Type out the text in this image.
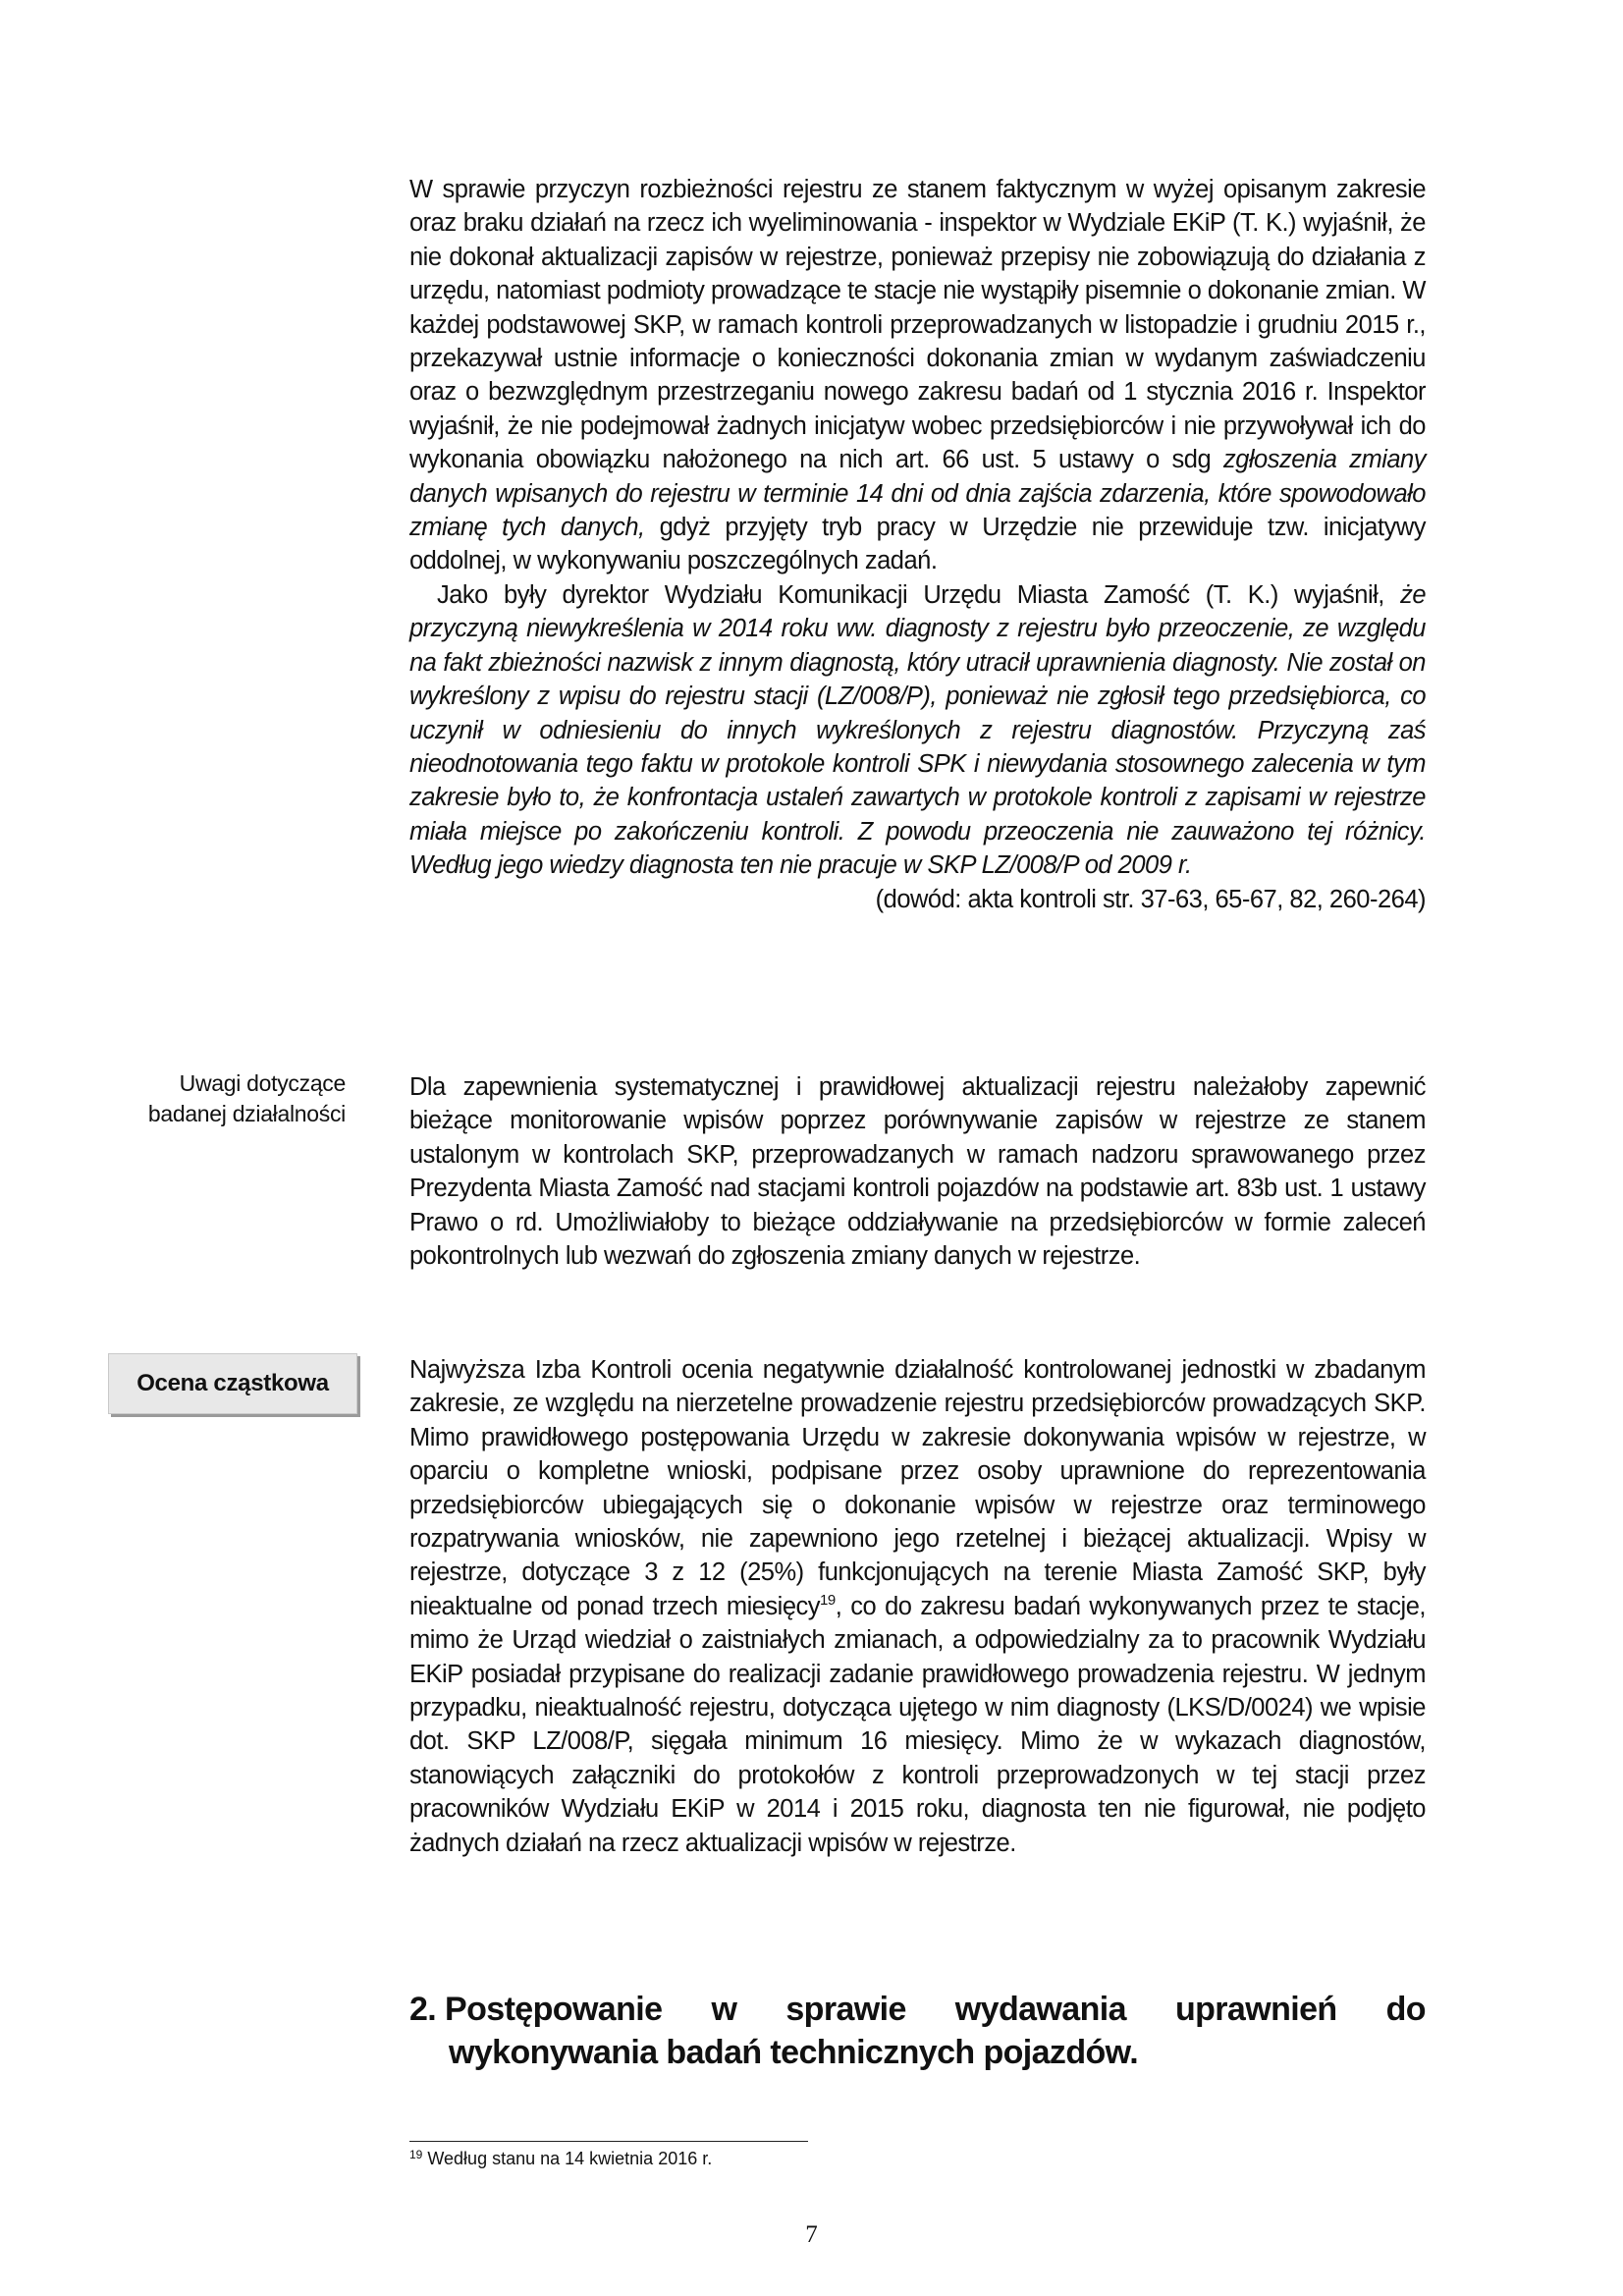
W sprawie przyczyn rozbieżności rejestru ze stanem faktycznym w wyżej opisanym zakresie oraz braku działań na rzecz ich wyeliminowania - inspektor w Wydziale EKiP (T. K.) wyjaśnił, że nie dokonał aktualizacji zapisów w rejestrze, ponieważ przepisy nie zobowiązują do działania z urzędu, natomiast podmioty prowadzące te stacje nie wystąpiły pisemnie o dokonanie zmian. W każdej podstawowej SKP, w ramach kontroli przeprowadzanych w listopadzie i grudniu 2015 r., przekazywał ustnie informacje o konieczności dokonania zmian w wydanym zaświadczeniu oraz o bezwzględnym przestrzeganiu nowego zakresu badań od 1 stycznia 2016 r. Inspektor wyjaśnił, że nie podejmował żadnych inicjatyw wobec przedsiębiorców i nie przywoływał ich do wykonania obowiązku nałożonego na nich art. 66 ust. 5 ustawy o sdg zgłoszenia zmiany danych wpisanych do rejestru w terminie 14 dni od dnia zajścia zdarzenia, które spowodowało zmianę tych danych, gdyż przyjęty tryb pracy w Urzędzie nie przewiduje tzw. inicjatywy oddolnej, w wykonywaniu poszczególnych zadań.

Jako były dyrektor Wydziału Komunikacji Urzędu Miasta Zamość (T. K.) wyjaśnił, że przyczyną niewykreślenia w 2014 roku ww. diagnosty z rejestru było przeoczenie, ze względu na fakt zbieżności nazwisk z innym diagnostą, który utracił uprawnienia diagnosty. Nie został on wykreślony z wpisu do rejestru stacji (LZ/008/P), ponieważ nie zgłosił tego przedsiębiorca, co uczynił w odniesieniu do innych wykreślonych z rejestru diagnostów. Przyczyną zaś nieodnotowania tego faktu w protokole kontroli SPK i niewydania stosownego zalecenia w tym zakresie było to, że konfrontacja ustaleń zawartych w protokole kontroli z zapisami w rejestrze miała miejsce po zakończeniu kontroli. Z powodu przeoczenia nie zauważono tej różnicy. Według jego wiedzy diagnosta ten nie pracuje w SKP LZ/008/P od 2009 r.

(dowód: akta kontroli str. 37-63, 65-67, 82, 260-264)

Uwagi dotyczące badanej działalności

Dla zapewnienia systematycznej i prawidłowej aktualizacji rejestru należałoby zapewnić bieżące monitorowanie wpisów poprzez porównywanie zapisów w rejestrze ze stanem ustalonym w kontrolach SKP, przeprowadzanych w ramach nadzoru sprawowanego przez Prezydenta Miasta Zamość nad stacjami kontroli pojazdów na podstawie art. 83b ust. 1 ustawy Prawo o rd. Umożliwiałoby to bieżące oddziaływanie na przedsiębiorców w formie zaleceń pokontrolnych lub wezwań do zgłoszenia zmiany danych w rejestrze.

Ocena cząstkowa	Najwyższa Izba Kontroli ocenia negatywnie działalność kontrolowanej jednostki w zbadanym zakresie, ze względu na nierzetelne prowadzenie rejestru przedsiębiorców prowadzących SKP. Mimo prawidłowego postępowania Urzędu w zakresie dokonywania wpisów w rejestrze, w oparciu o kompletne wnioski, podpisane przez osoby uprawnione do reprezentowania przedsiębiorców ubiegających się o dokonanie wpisów w rejestrze oraz terminowego rozpatrywania wniosków, nie zapewniono jego rzetelnej i bieżącej aktualizacji. Wpisy w rejestrze, dotyczące 3 z 12 (25%) funkcjonujących na terenie Miasta Zamość SKP, były nieaktualne od ponad trzech miesięcy$^{19}$, co do zakresu badań wykonywanych przez te stacje, mimo że Urząd wiedział o zaistniałych zmianach, a odpowiedzialny za to pracownik Wydziału EKiP posiadał przypisane do realizacji zadanie prawidłowego prowadzenia rejestru. W jednym przypadku, nieaktualność rejestru, dotycząca ujętego w nim diagnosty (LKS/D/0024) we wpisie dot. SKP LZ/008/P, sięgała minimum 16 miesięcy. Mimo że w wykazach diagnostów, stanowiących załączniki do protokołów z kontroli przeprowadzonych w tej stacji przez pracowników Wydziału EKiP w 2014 i 2015 roku, diagnosta ten nie figurował, nie podjęto żadnych działań na rzecz aktualizacji wpisów w rejestrze.

2. Postępowanie w sprawie wydawania uprawnień do
wykonywania badań technicznych pojazdów.
$^{19}$ Według stanu na 14 kwietnia 2016 r.
7
